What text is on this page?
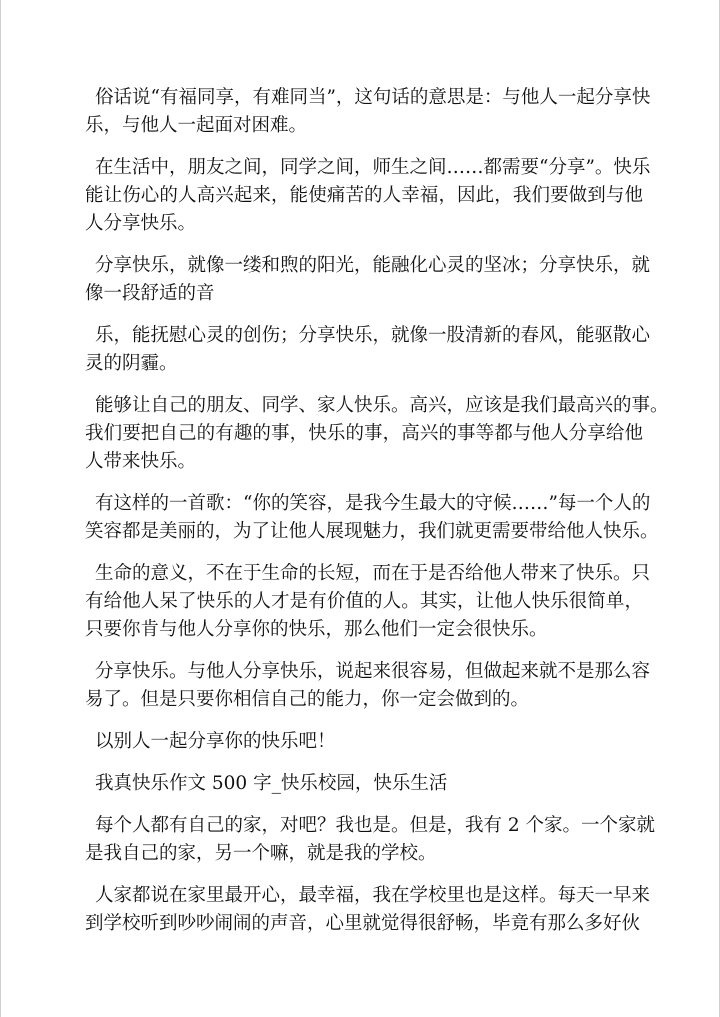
俗话说“有福同享，有难同当”，这句话的意思是：与他人一起分享快
乐，与他人一起面对困难。
在生活中，朋友之间，同学之间，师生之间……都需要“分享”。快乐
能让伤心的人高兴起来，能使痛苦的人幸福，因此，我们要做到与他
人分享快乐。
分享快乐，就像一缕和煦的阳光，能融化心灵的坚冰；分享快乐，就
像一段舒适的音
乐，能抚慰心灵的创伤；分享快乐，就像一股清新的春风，能驱散心
灵的阴霾。
能够让自己的朋友、同学、家人快乐。高兴，应该是我们最高兴的事。
我们要把自己的有趣的事，快乐的事，高兴的事等都与他人分享给他
人带来快乐。
有这样的一首歌：“你的笑容，是我今生最大的守候……”每一个人的
笑容都是美丽的，为了让他人展现魅力，我们就更需要带给他人快乐。
生命的意义，不在于生命的长短，而在于是否给他人带来了快乐。只
有给他人呆了快乐的人才是有价值的人。其实，让他人快乐很简单，
只要你肯与他人分享你的快乐，那么他们一定会很快乐。
分享快乐。与他人分享快乐，说起来很容易，但做起来就不是那么容
易了。但是只要你相信自己的能力，你一定会做到的。
以别人一起分享你的快乐吧！
我真快乐作文 500 字_快乐校园，快乐生活
每个人都有自己的家，对吧？我也是。但是，我有 2 个家。一个家就
是我自己的家，另一个嘛，就是我的学校。
人家都说在家里最开心，最幸福，我在学校里也是这样。每天一早来
到学校听到吵吵闹闹的声音，心里就觉得很舒畅，毕竟有那么多好伙
